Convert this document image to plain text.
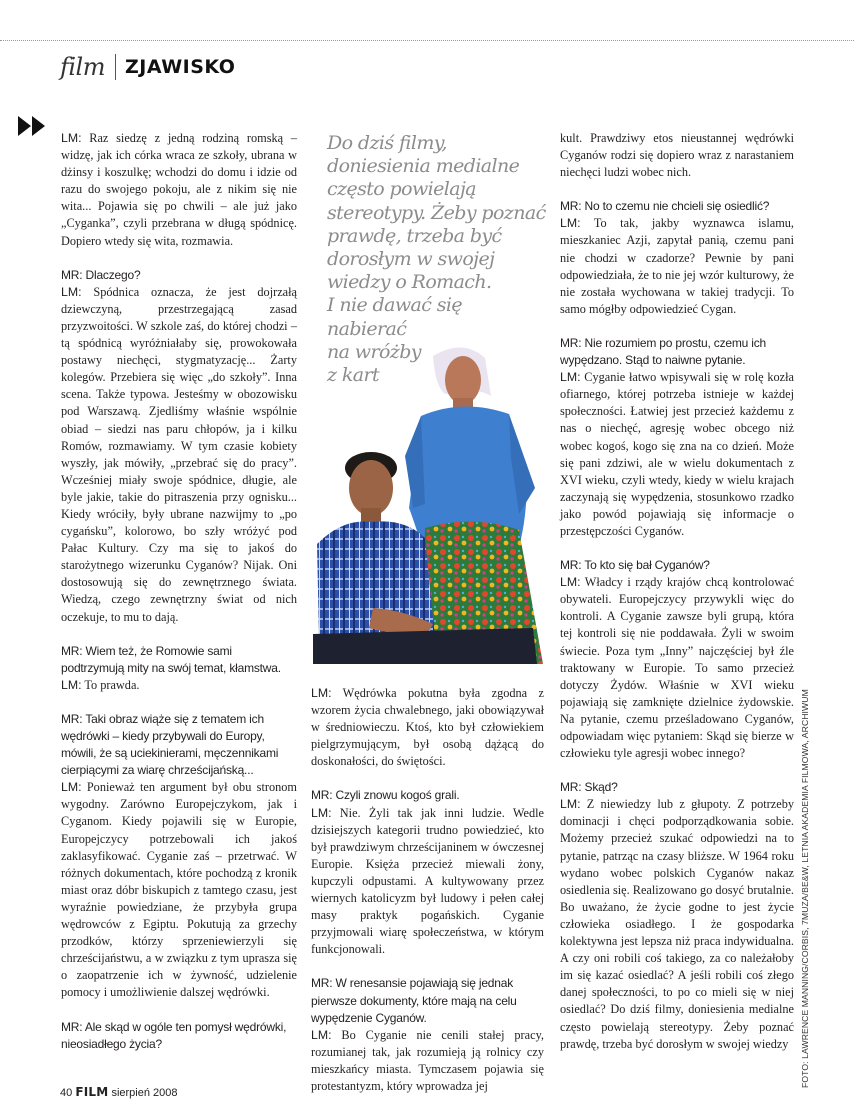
film ZJAWISKO

LM: Raz siedzę z jedną rodziną romską – widzę, jak ich córka wraca ze szkoły, ubrana w dżinsy i koszulkę; wchodzi do domu i idzie od razu do swojego pokoju, ale z nikim się nie wita... Pojawia się po chwili – ale już jako „Cyganka”, czyli przebrana w długą spódnicę. Dopiero wtedy się wita, rozmawia.

MR: Dlaczego?

LM: Spódnica oznacza, że jest dojrzałą dziewczyną, przestrzegającą zasad przyzwoitości. W szkole zaś, do której chodzi – tą spódnicą wyróżniałaby się, prowokowała postawy niechęci, stygmatyzację... Żarty kolegów. Przebiera się więc „do szkoły”. Inna scena. Także typowa. Jesteśmy w obozowisku pod Warszawą. Zjedliśmy właśnie wspólnie obiad – siedzi nas paru chłopów, ja i kilku Romów, rozmawiamy. W tym czasie kobiety wyszły, jak mówiły, „przebrać się do pracy”. Wcześniej miały swoje spódnice, długie, ale byle jakie, takie do pitraszenia przy ognisku... Kiedy wróciły, były ubrane nazwijmy to „po cygańsku”, kolorowo, bo szły wróżyć pod Pałac Kultury. Czy ma się to jakoś do starożytnego wizerunku Cyganów? Nijak. Oni dostosowują się do zewnętrznego świata. Wiedzą, czego zewnętrzny świat od nich oczekuje, to mu to dają.

MR: Wiem też, że Romowie sami podtrzymują mity na swój temat, kłamstwa.

LM: To prawda.

MR: Taki obraz wiąże się z tematem ich wędrówki – kiedy przybywali do Europy, mówili, że są uciekinierami, męczennikami cierpiącymi za wiarę chrześcijańską...

LM: Ponieważ ten argument był obu stronom wygodny. Zarówno Europejczykom, jak i Cyganom. Kiedy pojawili się w Europie, Europejczycy potrzebowali ich jakoś zaklasyfikować. Cyganie zaś – przetrwać. W różnych dokumentach, które pochodzą z kronik miast oraz dóbr biskupich z tamtego czasu, jest wyraźnie powiedziane, że przybyła grupa wędrowców z Egiptu. Pokutują za grzechy przodków, którzy sprzeniewierzyli się chrześcijaństwu, a w związku z tym uprasza się o zaopatrzenie ich w żywność, udzielenie pomocy i umożliwienie dalszej wędrówki.

MR: Ale skąd w ogóle ten pomysł wędrówki, nieosiadłego życia?

Do dziś filmy,
doniesienia medialne
często powielają
stereotypy. Żeby poznać
prawdę, trzeba być
dorosłym w swojej
wiedzy o Romach.
I nie dawać się
nabierać
na wróżby
z kart

LM: Wędrówka pokutna była zgodna z wzorem życia chwalebnego, jaki obowiązywał w średniowieczu. Ktoś, kto był człowiekiem pielgrzymującym, był osobą dążącą do doskonałości, do świętości.

MR: Czyli znowu kogoś grali.

LM: Nie. Żyli tak jak inni ludzie. Wedle dzisiejszych kategorii trudno powiedzieć, kto był prawdziwym chrześcijaninem w ówczesnej Europie. Księża przecież miewali żony, kupczyli odpustami. A kultywowany przez wiernych katolicyzm był ludowy i pełen całej masy praktyk pogańskich. Cyganie przyjmowali wiarę społeczeństwa, w którym funkcjonowali.

MR: W renesansie pojawiają się jednak pierwsze dokumenty, które mają na celu wypędzenie Cyganów.

LM: Bo Cyganie nie cenili stałej pracy, rozumianej tak, jak rozumieją ją rolnicy czy mieszkańcy miasta. Tymczasem pojawia się protestantyzm, który wprowadza jej

kult. Prawdziwy etos nieustannej wędrówki Cyganów rodzi się dopiero wraz z narastaniem niechęci ludzi wobec nich.

MR: No to czemu nie chcieli się osiedlić?

LM: To tak, jakby wyznawca islamu, mieszkaniec Azji, zapytał panią, czemu pani nie chodzi w czadorze? Pewnie by pani odpowiedziała, że to nie jej wzór kulturowy, że nie została wychowana w takiej tradycji. To samo mógłby odpowiedzieć Cygan.

MR: Nie rozumiem po prostu, czemu ich wypędzano. Stąd to naiwne pytanie.

LM: Cyganie łatwo wpisywali się w rolę kozła ofiarnego, której potrzeba istnieje w każdej społeczności. Łatwiej jest przecież każdemu z nas o niechęć, agresję wobec obcego niż wobec kogoś, kogo się zna na co dzień. Może się pani zdziwi, ale w wielu dokumentach z XVI wieku, czyli wtedy, kiedy w wielu krajach zaczynają się wypędzenia, stosunkowo rzadko jako powód pojawiają się informacje o przestępczości Cyganów.

MR: To kto się bał Cyganów?

LM: Władcy i rządy krajów chcą kontrolować obywateli. Europejczycy przywykli więc do kontroli. A Cyganie zawsze byli grupą, która tej kontroli się nie poddawała. Żyli w swoim świecie. Poza tym „Inny” najczęściej był źle traktowany w Europie. To samo przecież dotyczy Żydów. Właśnie w XVI wieku pojawiają się zamknięte dzielnice żydowskie. Na pytanie, czemu prześladowano Cyganów, odpowiadam więc pytaniem: Skąd się bierze w człowieku tyle agresji wobec innego?

MR: Skąd?

LM: Z niewiedzy lub z głupoty. Z potrzeby dominacji i chęci podporządkowania sobie. Możemy przecież szukać odpowiedzi na to pytanie, patrząc na czasy bliższe. W 1964 roku wydano wobec polskich Cyganów nakaz osiedlenia się. Realizowano go dosyć brutalnie. Bo uważano, że życie godne to jest życie człowieka osiadłego. I że gospodarka kolektywna jest lepsza niż praca indywidualna. A czy oni robili coś takiego, za co należałoby im się kazać osiedlać? A jeśli robili coś złego danej społeczności, to po co mieli się w niej osiedlać? Do dziś filmy, doniesienia medialne często powielają stereotypy. Żeby poznać prawdę, trzeba być dorosłym w swojej wiedzy	FOTO: LAWRENCE MANNING/CORBIS, 7MUZA/BE&W, LETNIA AKADEMIA FILMOWA, ARCHIWUM
40 FILM sierpień 2008
